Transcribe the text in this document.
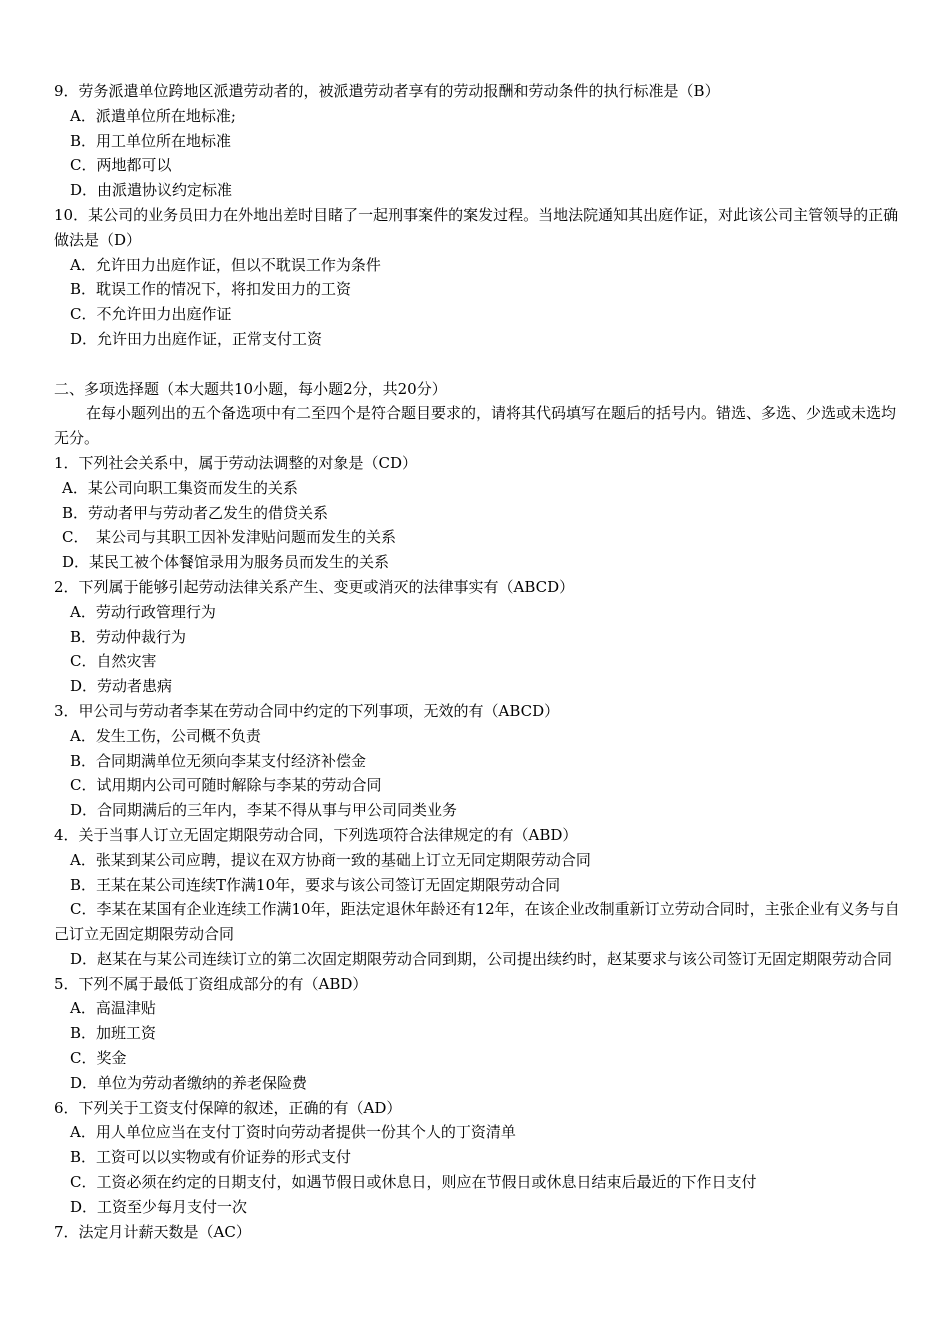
9．劳务派遣单位跨地区派遣劳动者的，被派遣劳动者享有的劳动报酬和劳动条件的执行标准是（B）
A．派遣单位所在地标准;
B．用工单位所在地标准
C．两地都可以
D．由派遣协议约定标准
10．某公司的业务员田力在外地出差时目睹了一起刑事案件的案发过程。当地法院通知其出庭作证，对此该公司主管领导的正确做法是（D）
A．允许田力出庭作证，但以不耽误工作为条件
B．耽误工作的情况下，将扣发田力的工资
C．不允许田力出庭作证
D．允许田力出庭作证，正常支付工资
二、多项选择题（本大题共10小题，每小题2分，共20分）
在每小题列出的五个备选项中有二至四个是符合题目要求的，请将其代码填写在题后的括号内。错选、多选、少选或未选均无分。
1．下列社会关系中，属于劳动法调整的对象是（CD）
A．某公司向职工集资而发生的关系
B．劳动者甲与劳动者乙发生的借贷关系
C．　某公司与其职工因补发津贴问题而发生的关系
D．某民工被个体餐馆录用为服务员而发生的关系
2．下列属于能够引起劳动法律关系产生、变更或消灭的法律事实有（ABCD）
A．劳动行政管理行为
B．劳动仲裁行为
C．自然灾害
D．劳动者患病
3．甲公司与劳动者李某在劳动合同中约定的下列事项，无效的有（ABCD）
A．发生工伤，公司概不负责
B．合同期满单位无须向李某支付经济补偿金
C．试用期内公司可随时解除与李某的劳动合同
D．合同期满后的三年内，李某不得从事与甲公司同类业务
4．关于当事人订立无固定期限劳动合同，下列选项符合法律规定的有（ABD）
A．张某到某公司应聘，提议在双方协商一致的基础上订立无同定期限劳动合同
B．王某在某公司连续T作满10年，要求与该公司签订无固定期限劳动合同
C．李某在某国有企业连续工作满10年，距法定退休年龄还有12年，在该企业改制重新订立劳动合同时，主张企业有义务与自己订立无固定期限劳动合同
D．赵某在与某公司连续订立的第二次固定期限劳动合同到期，公司提出续约时，赵某要求与该公司签订无固定期限劳动合同
5．下列不属于最低丁资组成部分的有（ABD）
A．高温津贴
B．加班工资
C．奖金
D．单位为劳动者缴纳的养老保险费
6．下列关于工资支付保障的叙述，正确的有（AD）
A．用人单位应当在支付丁资时向劳动者提供一份其个人的丁资清单
B．工资可以以实物或有价证券的形式支付
C．工资必须在约定的日期支付，如遇节假日或休息日，则应在节假日或休息日结束后最近的下作日支付
D．工资至少每月支付一次
7．法定月计薪天数是（AC）
